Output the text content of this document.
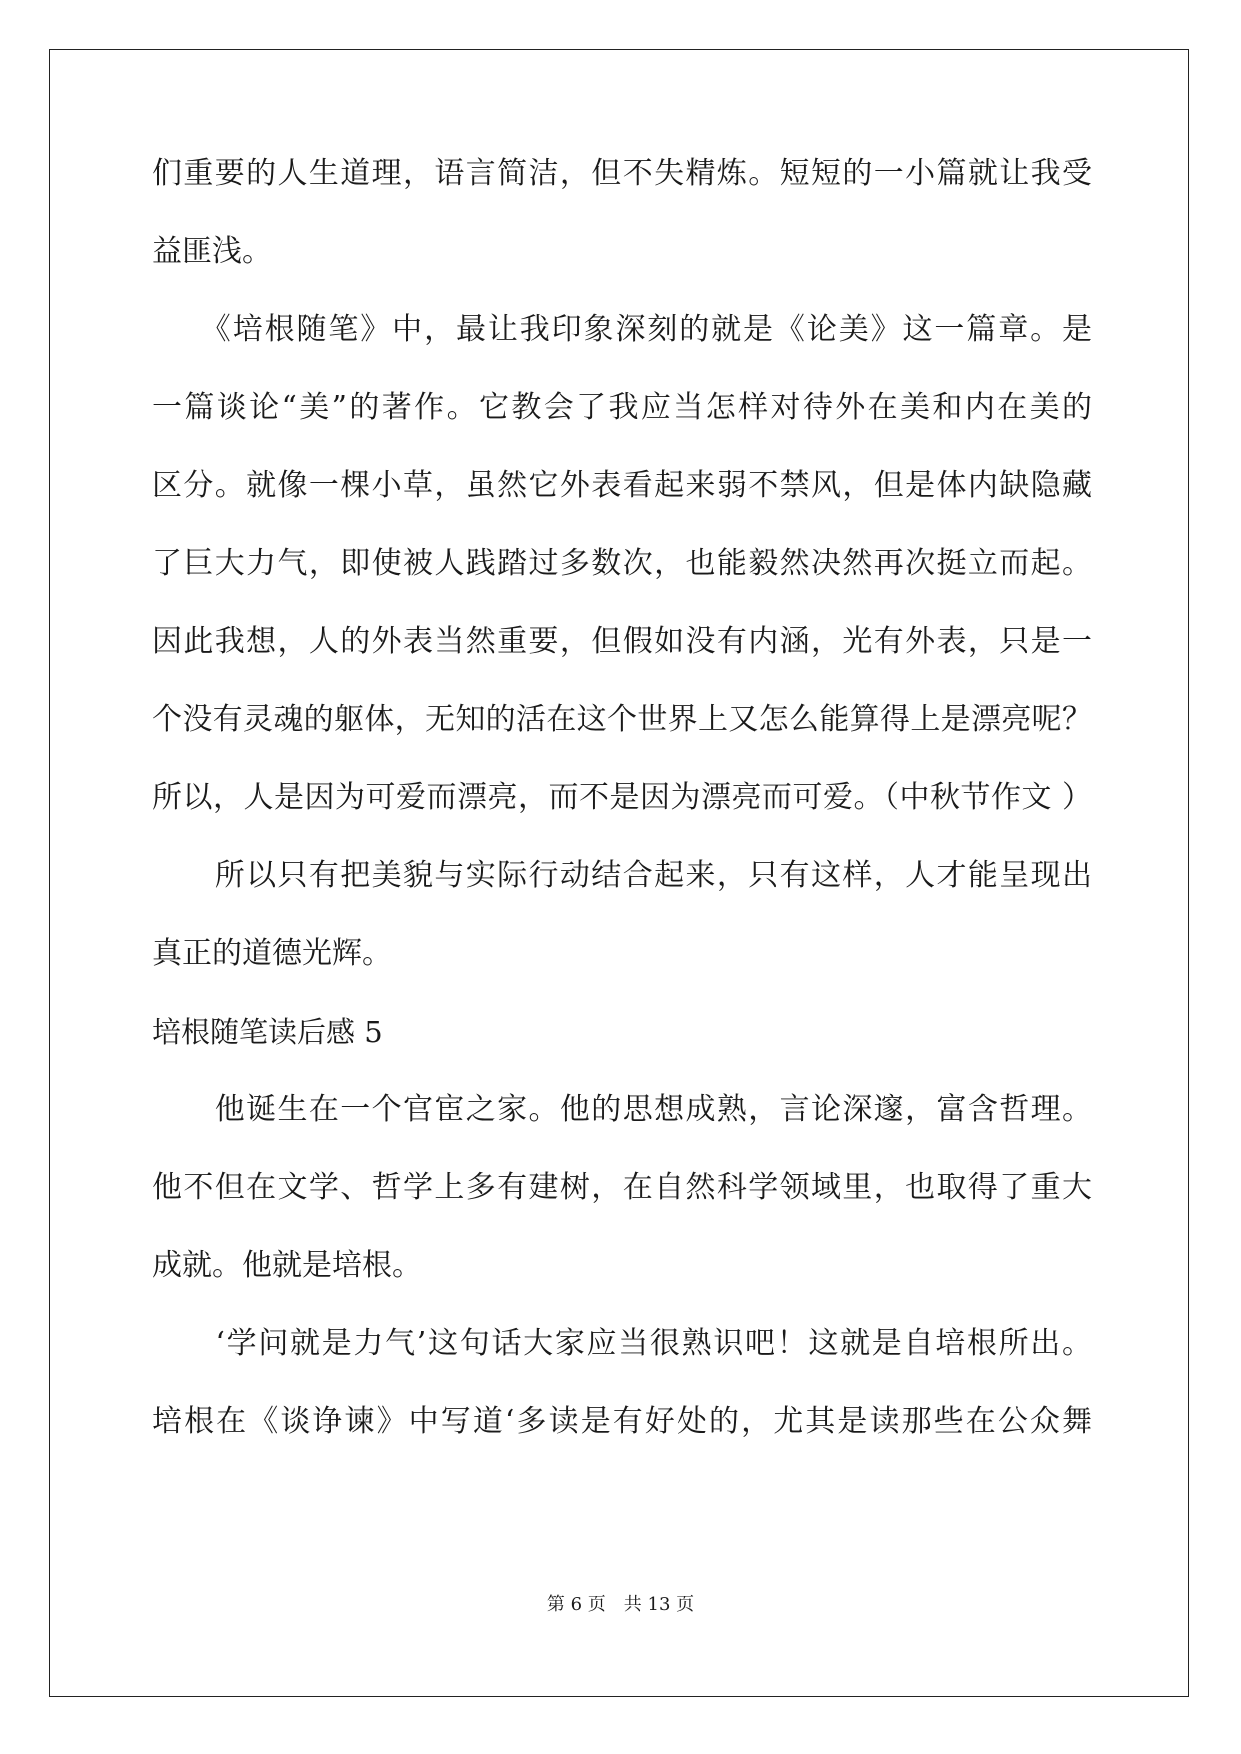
们重要的人生道理，语言简洁，但不失精炼。短短的一小篇就让我受
益匪浅。
　　《培根随笔》中，最让我印象深刻的就是《论美》这一篇章。是
一篇谈论“美”的著作。它教会了我应当怎样对待外在美和内在美的
区分。就像一棵小草，虽然它外表看起来弱不禁风，但是体内缺隐藏
了巨大力气，即使被人践踏过多数次，也能毅然决然再次挺立而起。
因此我想，人的外表当然重要，但假如没有内涵，光有外表，只是一
个没有灵魂的躯体，无知的活在这个世界上又怎么能算得上是漂亮呢？
所以，人是因为可爱而漂亮，而不是因为漂亮而可爱。（中秋节作文 ）
　　所以只有把美貌与实际行动结合起来，只有这样，人才能呈现出
真正的道德光辉。
培根随笔读后感 5
　　他诞生在一个官宦之家。他的思想成熟，言论深邃，富含哲理。
他不但在文学、哲学上多有建树，在自然科学领域里，也取得了重大
成就。他就是培根。
　　‘学问就是力气’这句话大家应当很熟识吧！这就是自培根所出。
培根在《谈诤谏》中写道‘多读是有好处的，尤其是读那些在公众舞
第 6 页　共 13 页
